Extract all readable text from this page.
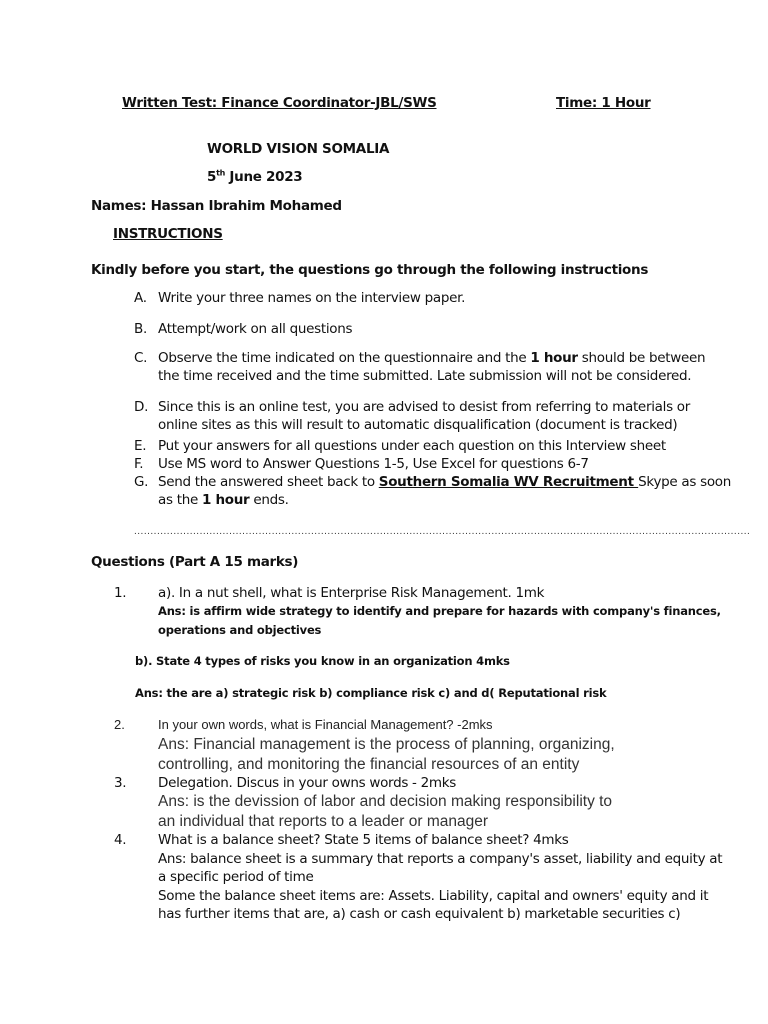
Written Test: Finance Coordinator-JBL/SWS	Time: 1 Hour
WORLD VISION SOMALIA
5th June 2023
Names: Hassan Ibrahim Mohamed
INSTRUCTIONS
Kindly before you start, the questions go through the following instructions
A. Write your three names on the interview paper.
B. Attempt/work on all questions
C. Observe the time indicated on the questionnaire and the 1 hour should be between
the time received and the time submitted. Late submission will not be considered.
D. Since this is an online test, you are advised to desist from referring to materials or
online sites as this will result to automatic disqualification (document is tracked)
E. Put your answers for all questions under each question on this Interview sheet
F. Use MS word to Answer Questions 1-5, Use Excel for questions 6-7
G. Send the answered sheet back to Southern Somalia WV Recruitment Skype as soon
as the 1 hour ends.
............................................................................................................................................................................................
Questions (Part A 15 marks)
1. a). In a nut shell, what is Enterprise Risk Management. 1mk
Ans: is affirm wide strategy to identify and prepare for hazards with company's finances,
operations and objectives
b). State 4 types of risks you know in an organization 4mks
Ans: the are a) strategic risk b) compliance risk c) and d( Reputational risk
2.	In your own words, what is Financial Management? -2mks
Ans: Financial management is the process of planning, organizing,
controlling, and monitoring the financial resources of an entity
3. Delegation. Discus in your owns words - 2mks
Ans: is the devission of labor and decision making responsibility to
an individual that reports to a leader or manager
4. What is a balance sheet? State 5 items of balance sheet? 4mks
Ans: balance sheet is a summary that reports a company's asset, liability and equity at
a specific period of time
Some the balance sheet items are: Assets. Liability, capital and owners' equity and it
has further items that are, a) cash or cash equivalent b) marketable securities c)
